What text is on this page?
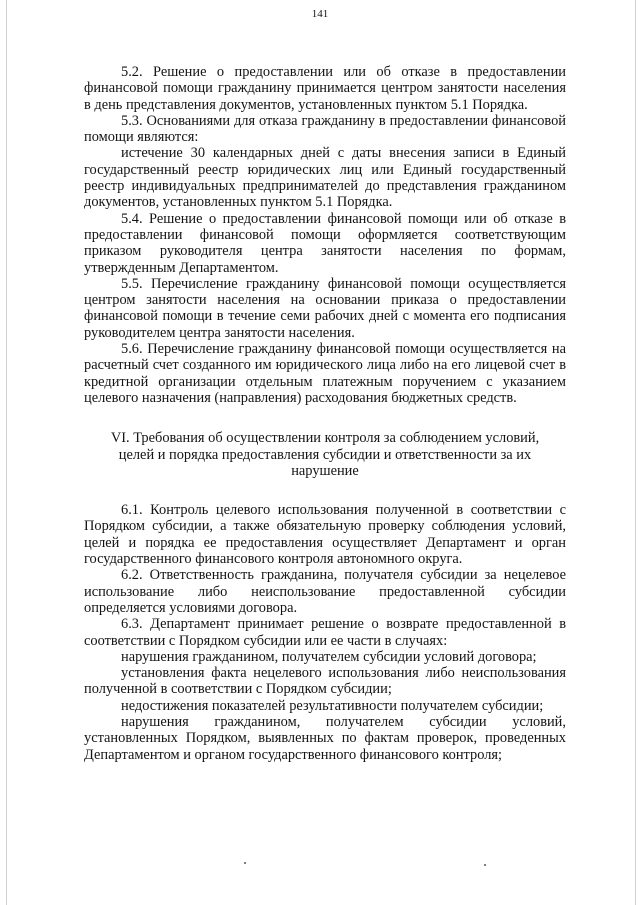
141

5.2. Решение о предоставлении или об отказе в предоставлении финансовой помощи гражданину принимается центром занятости населения в день представления документов, установленных пунктом 5.1 Порядка.

5.3. Основаниями для отказа гражданину в предоставлении финансовой помощи являются:

истечение 30 календарных дней с даты внесения записи в Единый государственный реестр юридических лиц или Единый государственный реестр индивидуальных предпринимателей до представления гражданином документов, установленных пунктом 5.1 Порядка.

5.4. Решение о предоставлении финансовой помощи или об отказе в предоставлении финансовой помощи оформляется соответствующим приказом руководителя центра занятости населения по формам, утвержденным Департаментом.

5.5. Перечисление гражданину финансовой помощи осуществляется центром занятости населения на основании приказа о предоставлении финансовой помощи в течение семи рабочих дней с момента его подписания руководителем центра занятости населения.

5.6. Перечисление гражданину финансовой помощи осуществляется на расчетный счет созданного им юридического лица либо на его лицевой счет в кредитной организации отдельным платежным поручением с указанием целевого назначения (направления) расходования бюджетных средств.

VI. Требования об осуществлении контроля за соблюдением условий,
целей и порядка предоставления субсидии и ответственности за их
нарушение

6.1. Контроль целевого использования полученной в соответствии с Порядком субсидии, а также обязательную проверку соблюдения условий, целей и порядка ее предоставления осуществляет Департамент и орган государственного финансового контроля автономного округа.

6.2. Ответственность гражданина, получателя субсидии за нецелевое использование либо неиспользование предоставленной субсидии определяется условиями договора.

6.3. Департамент принимает решение о возврате предоставленной в соответствии с Порядком субсидии или ее части в случаях:

нарушения гражданином, получателем субсидии условий договора;

установления факта нецелевого использования либо неиспользования полученной в соответствии с Порядком субсидии;

недостижения показателей результативности получателем субсидии;

нарушения гражданином, получателем субсидии условий, установленных Порядком, выявленных по фактам проверок, проведенных Департаментом и органом государственного финансового контроля;
